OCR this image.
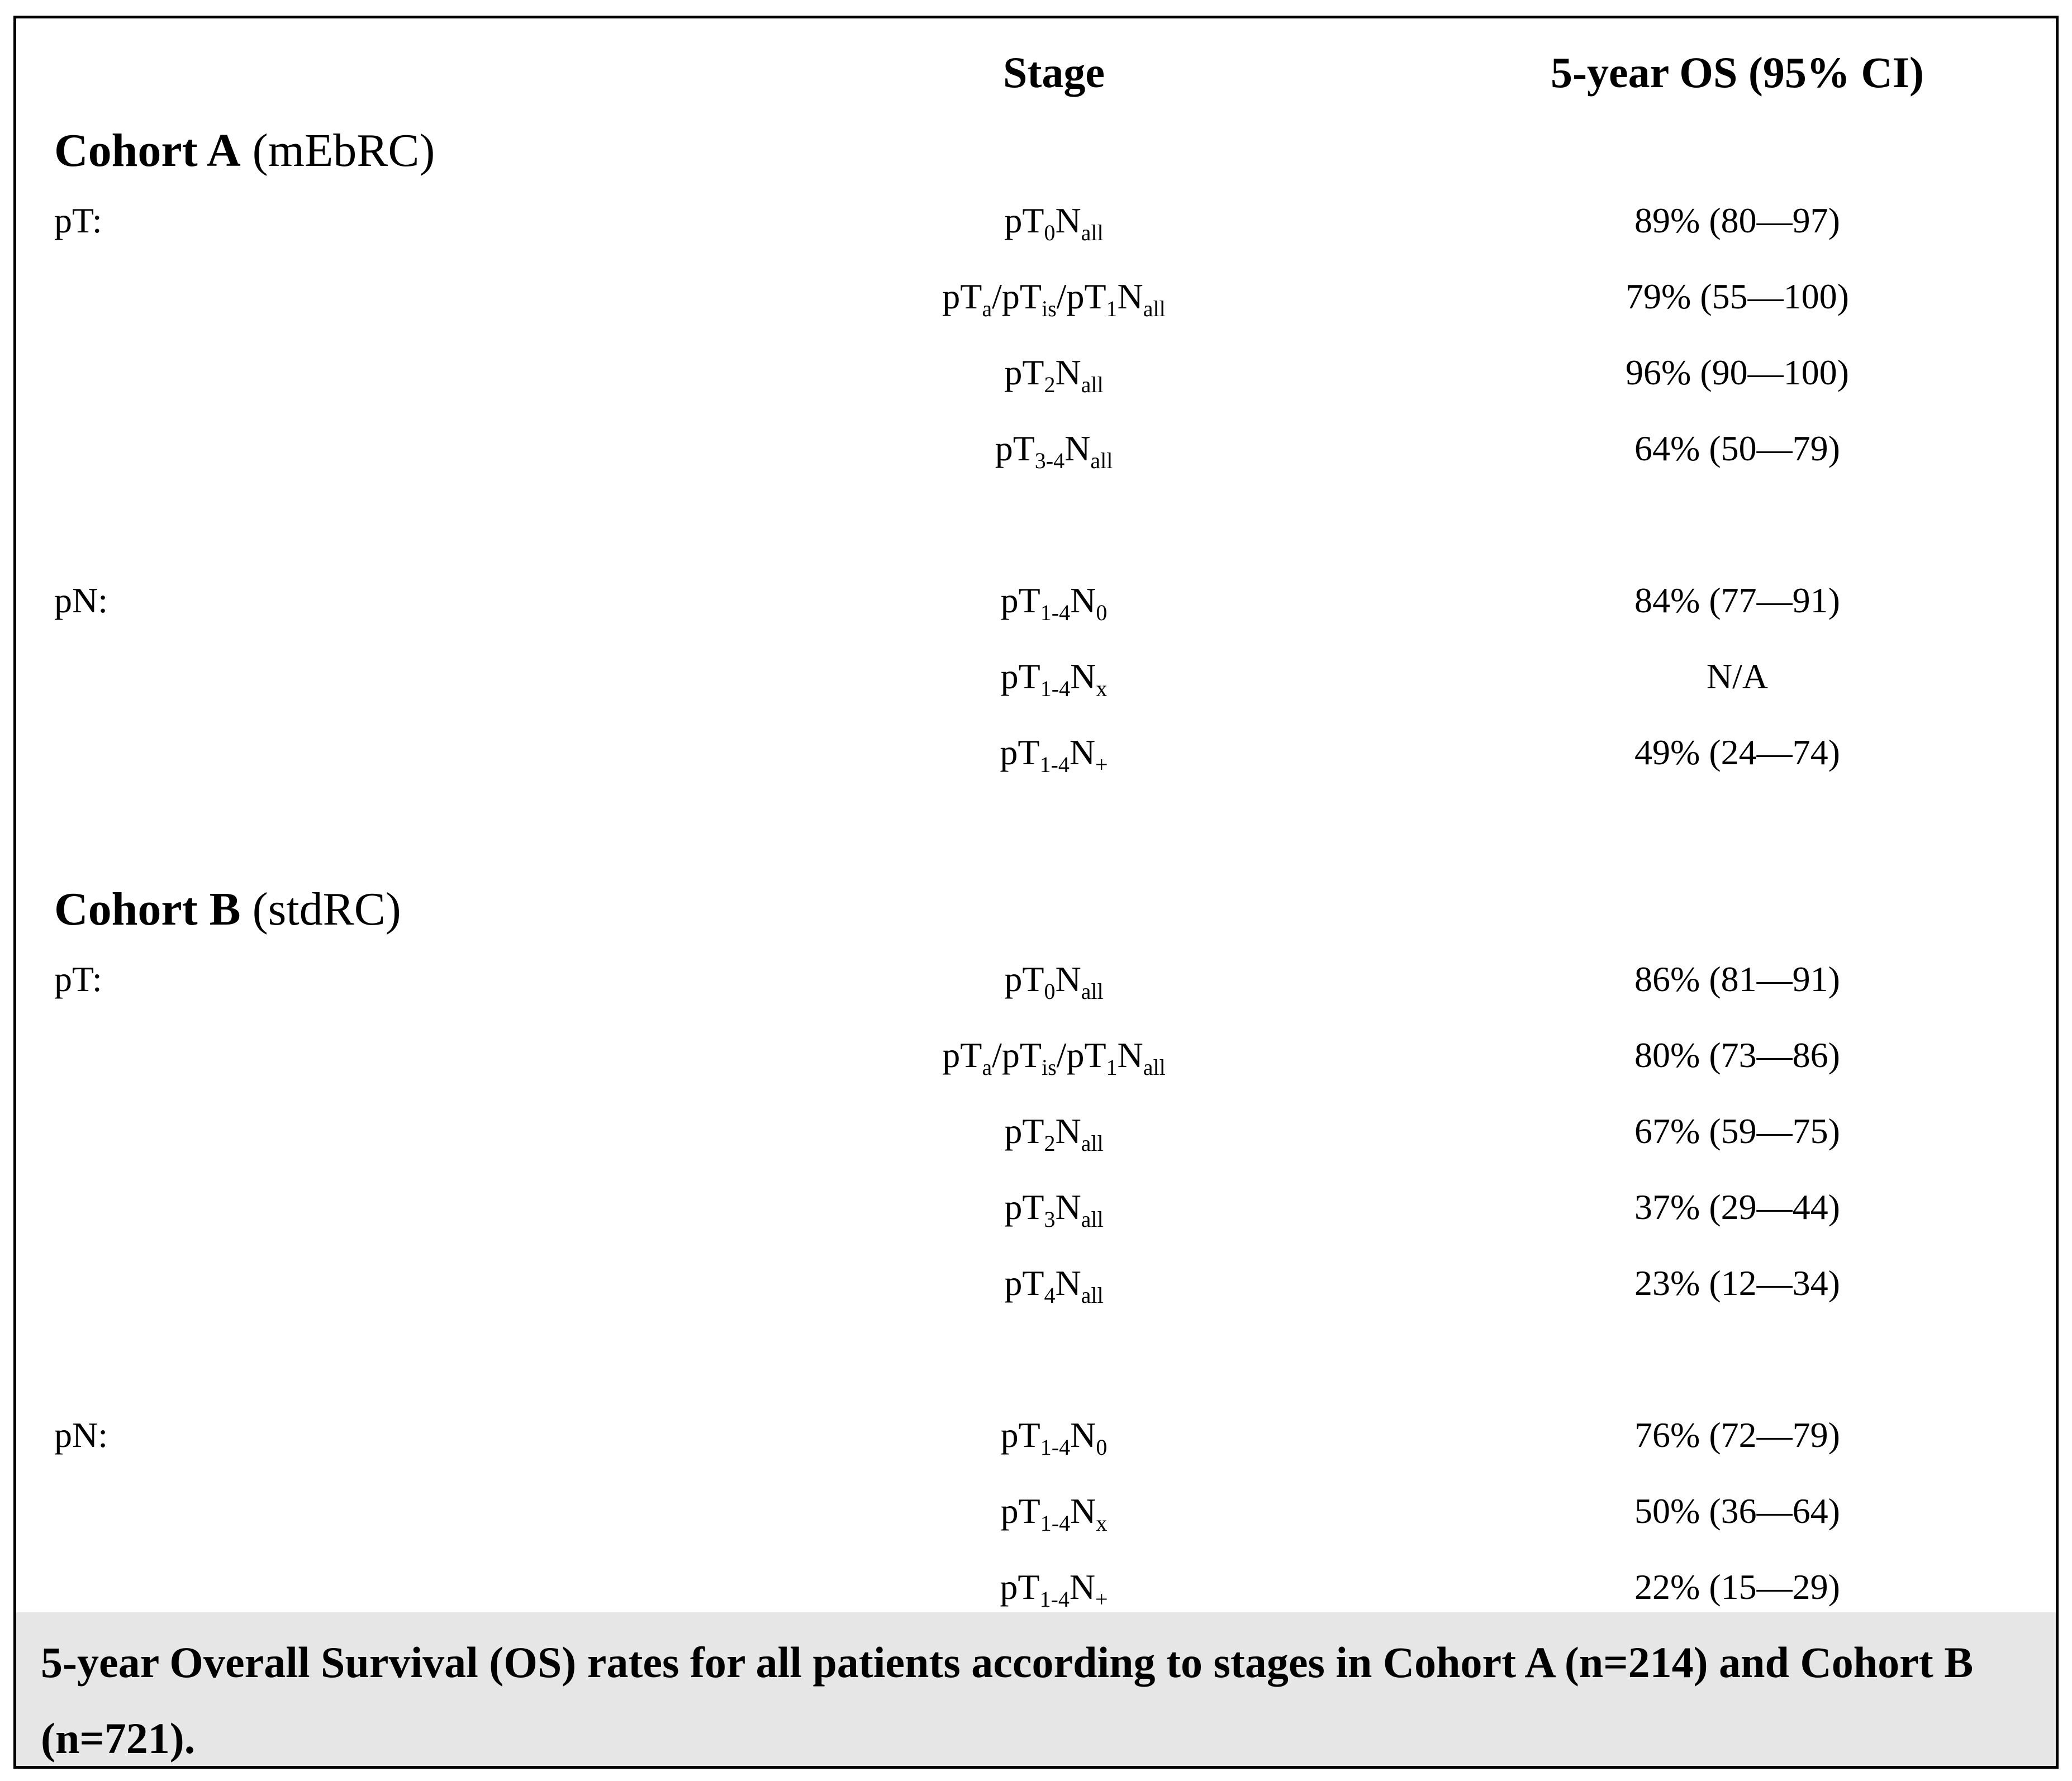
Stage	5-year OS (95% CI)
Cohort A (mEbRC)
pT:	$pT_0N_{all}$	89% (80—97)
$pT_a/pT_{is}/pT_1N_{all}$	79% (55—100)
$pT_2N_{all}$	96% (90—100)
$pT_{3-4}N_{all}$	64% (50—79)
pN:	$pT_{1-4}N_0$	84% (77—91)
$pT_{1-4}N_x$	N/A
$pT_{1-4}N_+$	49% (24—74)
Cohort B (stdRC)
pT:	$pT_0N_{all}$	86% (81—91)
$pT_a/pT_{is}/pT_1N_{all}$	80% (73—86)
$pT_2N_{all}$	67% (59—75)
$pT_3N_{all}$	37% (29—44)
$pT_4N_{all}$	23% (12—34)
pN:	$pT_{1-4}N_0$	76% (72—79)
$pT_{1-4}N_x$	50% (36—64)
$pT_{1-4}N_+$	22% (15—29)
5-year Overall Survival (OS) rates for all patients according to stages in Cohort A (n=214) and Cohort B (n=721).
